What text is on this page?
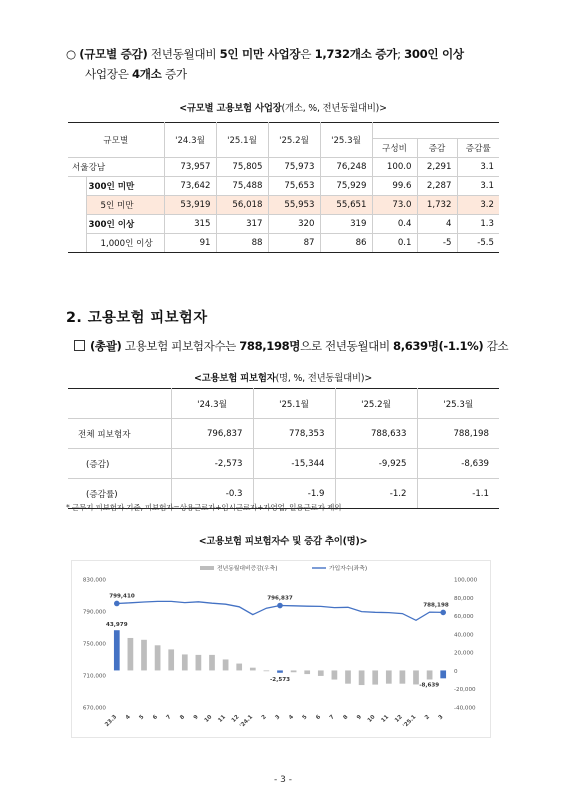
○ (규모별 증감) 전년동월대비 5인 미만 사업장은 1,732개소 증가; 300인 이상
사업장은 4개소 증가
<규모별 고용보험 사업장(개소, %, 전년동월대비)>
규모별		'24.3월	'25.1월	'25.2월	'25.3월			
						구성비	증감	증감률
서울강남		73,957	75,805	75,973	76,248	100.0	2,291	3.1
	300인 미만	73,642	75,488	75,653	75,929	99.6	2,287	3.1
	5인 미만	53,919	56,018	55,953	55,651	73.0	1,732	3.2
	300인 이상	315	317	320	319	0.4	4	1.3
	1,000인 이상	91	88	87	86	0.1	-5	-5.5
2. 고용보험 피보험자
(총괄) 고용보험 피보험자수는 788,198명으로 전년동월대비 8,639명(-1.1%) 감소
<고용보험 피보험자(명, %, 전년동월대비)>
	'24.3월	'25.1월	'25.2월	'25.3월
전체 피보험자	796,837	778,353	788,633	788,198
(증감)	-2,573	-15,344	-9,925	-8,639
(증감률)	-0.3	-1.9	-1.2	-1.1
* 근무지 피보험자 기준, 피보험자=상용근로자+임시근로자+자영업, 일용근로자 제외
<고용보험 피보험자수 및 증감 추이(명)>
830,000
790,000
750,000
710,000
670,000
100,000
80,000
60,000
40,000
20,000
0
-20,000
-40,000
799,410	796,837
788,198
43,979
-2,573
-8,639
23.3 4 5 6 7 8 9 10 11 12
'24.1 2 3 4 5 6 7 8 9 10 11 12
'25.1 2 3
전년동월대비증감(우축)	가입자수(좌축)
- 3 -
